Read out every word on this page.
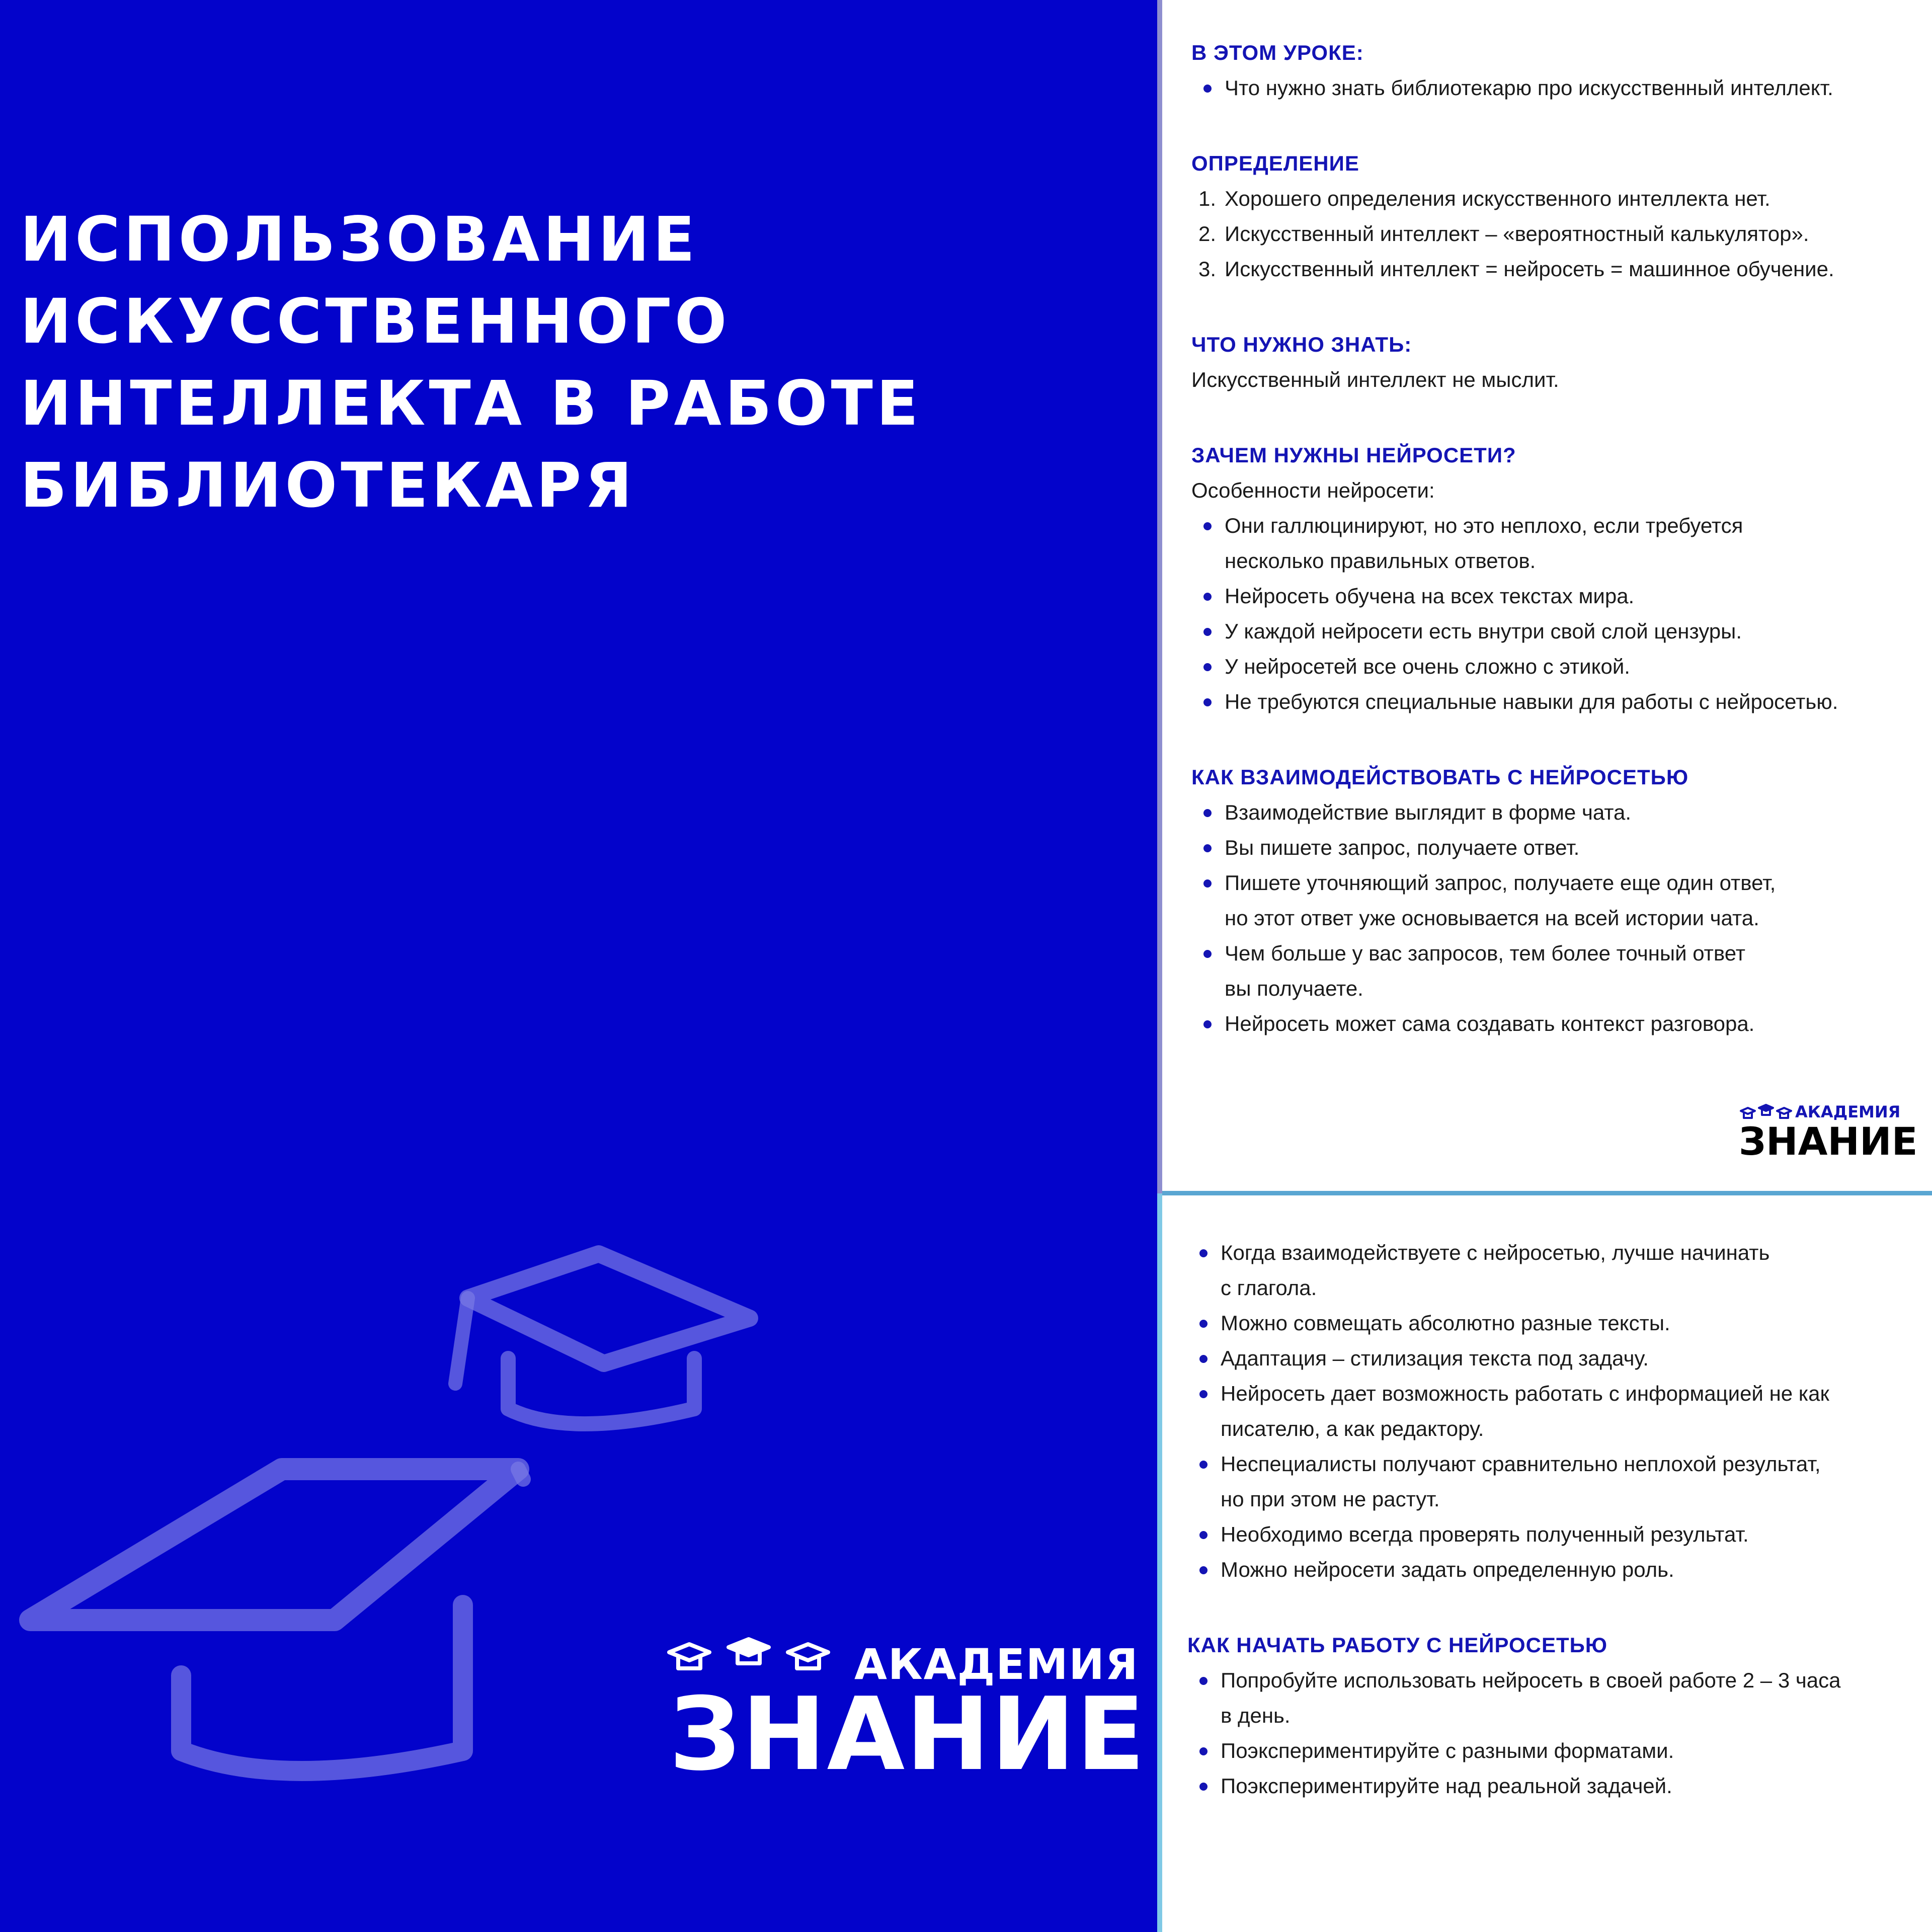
ИСПОЛЬЗОВАНИЕ
ИСКУССТВЕННОГО
ИНТЕЛЛЕКТА В РАБОТЕ
БИБЛИОТЕКАРЯ
АКАДЕМИЯ
ЗНАНИЕ
В ЭТОМ УРОКЕ:
Что нужно знать библиотекарю про искусственный интеллект.
ОПРЕДЕЛЕНИЕ
1. Хорошего определения искусственного интеллекта нет.
2. Искусственный интеллект – «вероятностный калькулятор».
3. Искусственный интеллект = нейросеть = машинное обучение.
ЧТО НУЖНО ЗНАТЬ:

Искусственный интеллект не мыслит.

ЗАЧЕМ НУЖНЫ НЕЙРОСЕТИ?

Особенности нейросети:

Они галлюцинируют, но это неплохо, если требуется
несколько правильных ответов.
Нейросеть обучена на всех текстах мира.
У каждой нейросети есть внутри свой слой цензуры.
У нейросетей все очень сложно с этикой.
Не требуются специальные навыки для работы с нейросетью.
КАК ВЗАИМОДЕЙСТВОВАТЬ С НЕЙРОСЕТЬЮ
Взаимодействие выглядит в форме чата.
Вы пишете запрос, получаете ответ.
Пишете уточняющий запрос, получаете еще один ответ,
но этот ответ уже основывается на всей истории чата.
Чем больше у вас запросов, тем более точный ответ
вы получаете.
Нейросеть может сама создавать контекст разговора.
АКАДЕМИЯ
ЗНАНИЕ
Когда взаимодействуете с нейросетью, лучше начинать
с глагола.
Можно совмещать абсолютно разные тексты.
Адаптация – стилизация текста под задачу.
Нейросеть дает возможность работать с информацией не как
писателю, а как редактору.
Неспециалисты получают сравнительно неплохой результат,
но при этом не растут.
Необходимо всегда проверять полученный результат.
Можно нейросети задать определенную роль.
КАК НАЧАТЬ РАБОТУ С НЕЙРОСЕТЬЮ
Попробуйте использовать нейросеть в своей работе 2 – 3 часа
в день.
Поэкспериментируйте с разными форматами.
Поэкспериментируйте над реальной задачей.
